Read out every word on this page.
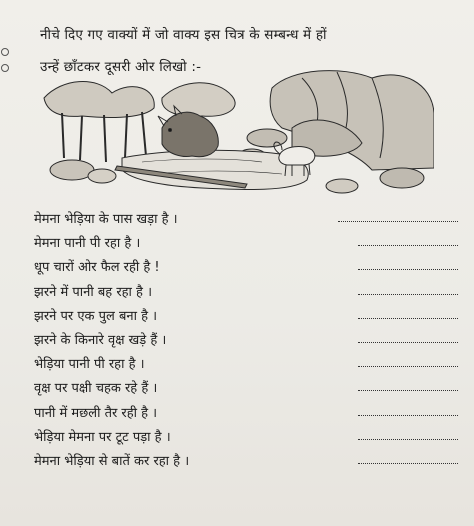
नीचे दिए गए वाक्यों में जो वाक्य इस चित्र के सम्बन्ध में हों
उन्हें छाँटकर दूसरी ओर लिखो :-
मेमना भेड़िया के पास खड़ा है ।
मेमना पानी पी रहा है ।
धूप चारों ओर फैल रही है !
झरने में पानी बह रहा है ।
झरने पर एक पुल बना है ।
झरने के किनारे वृक्ष खड़े हैं ।
भेड़िया पानी पी रहा है ।
वृक्ष पर पक्षी चहक रहे हैं ।
पानी में मछली तैर रही है ।
भेड़िया मेमना पर टूट पड़ा है ।
मेमना भेड़िया से बातें कर रहा है ।
